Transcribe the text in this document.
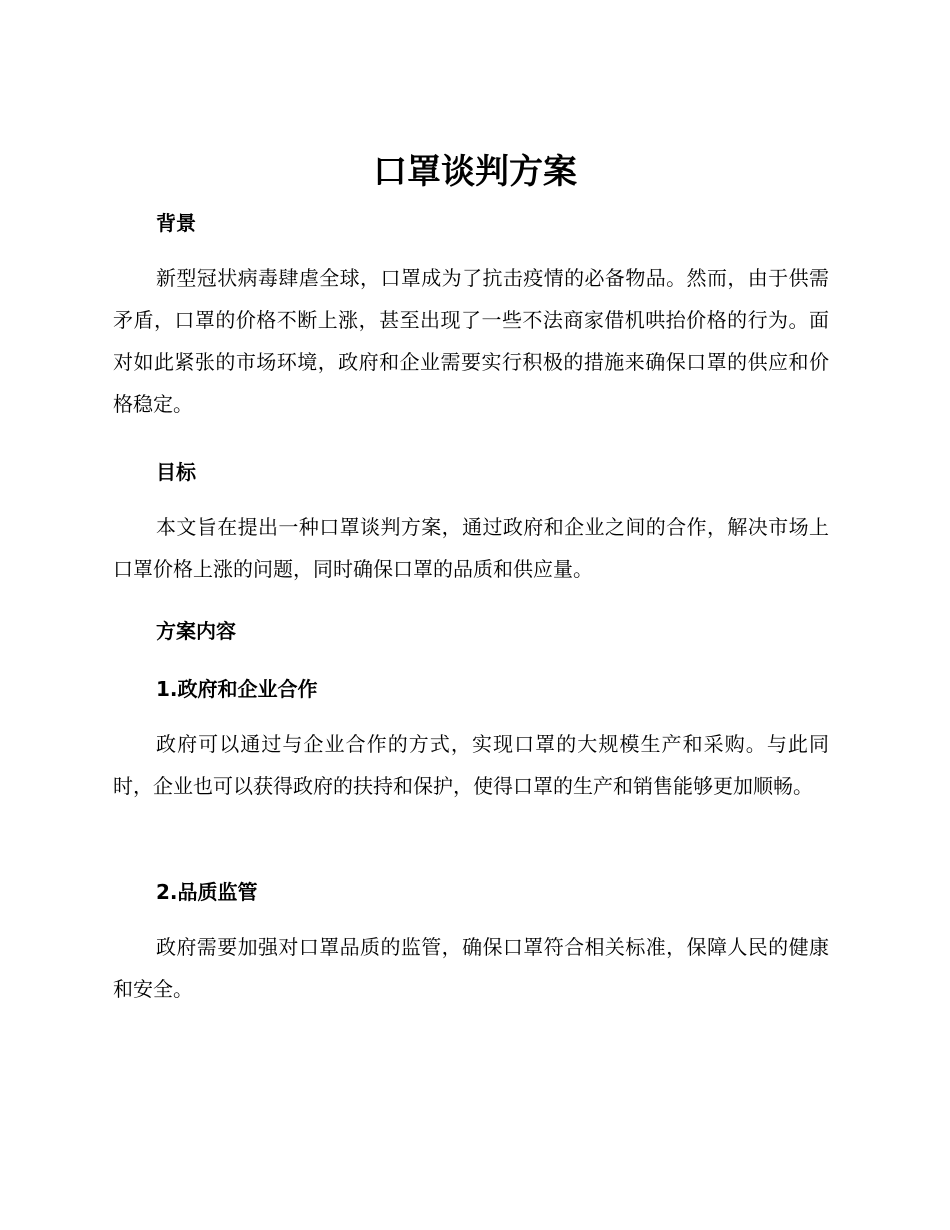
口罩谈判方案

背景

新型冠状病毒肆虐全球，口罩成为了抗击疫情的必备物品。然而，由于供需矛盾，口罩的价格不断上涨，甚至出现了一些不法商家借机哄抬价格的行为。面对如此紧张的市场环境，政府和企业需要实行积极的措施来确保口罩的供应和价格稳定。

目标

本文旨在提出一种口罩谈判方案，通过政府和企业之间的合作，解决市场上口罩价格上涨的问题，同时确保口罩的品质和供应量。

方案内容

1.政府和企业合作

政府可以通过与企业合作的方式，实现口罩的大规模生产和采购。与此同时，企业也可以获得政府的扶持和保护，使得口罩的生产和销售能够更加顺畅。

2.品质监管

政府需要加强对口罩品质的监管，确保口罩符合相关标准，保障人民的健康和安全。
